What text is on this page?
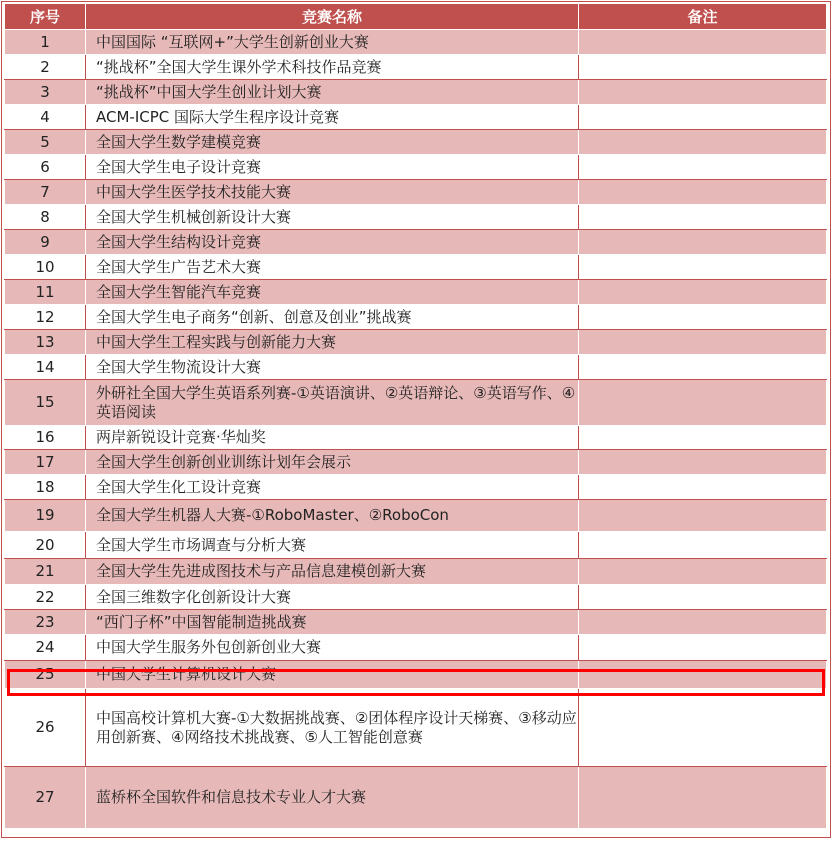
序号	竞赛名称	备注
1	中国国际 “互联网+”大学生创新创业大赛	
2	“挑战杯”全国大学生课外学术科技作品竞赛	
3	“挑战杯”中国大学生创业计划大赛	
4	ACM-ICPC 国际大学生程序设计竞赛	
5	全国大学生数学建模竞赛	
6	全国大学生电子设计竞赛	
7	中国大学生医学技术技能大赛	
8	全国大学生机械创新设计大赛	
9	全国大学生结构设计竞赛	
10	全国大学生广告艺术大赛	
11	全国大学生智能汽车竞赛	
12	全国大学生电子商务“创新、创意及创业”挑战赛	
13	中国大学生工程实践与创新能力大赛	
14	全国大学生物流设计大赛	
15	外研社全国大学生英语系列赛-①英语演讲、②英语辩论、③英语写作、④英语阅读	
16	两岸新锐设计竞赛·华灿奖	
17	全国大学生创新创业训练计划年会展示	
18	全国大学生化工设计竞赛	
19	全国大学生机器人大赛-①RoboMaster、②RoboCon	
20	全国大学生市场调查与分析大赛	
21	全国大学生先进成图技术与产品信息建模创新大赛	
22	全国三维数字化创新设计大赛	
23	“西门子杯”中国智能制造挑战赛	
24	中国大学生服务外包创新创业大赛	
25	中国大学生计算机设计大赛	
26	中国高校计算机大赛-①大数据挑战赛、②团体程序设计天梯赛、③移动应用创新赛、④网络技术挑战赛、⑤人工智能创意赛	
27	蓝桥杯全国软件和信息技术专业人才大赛	
